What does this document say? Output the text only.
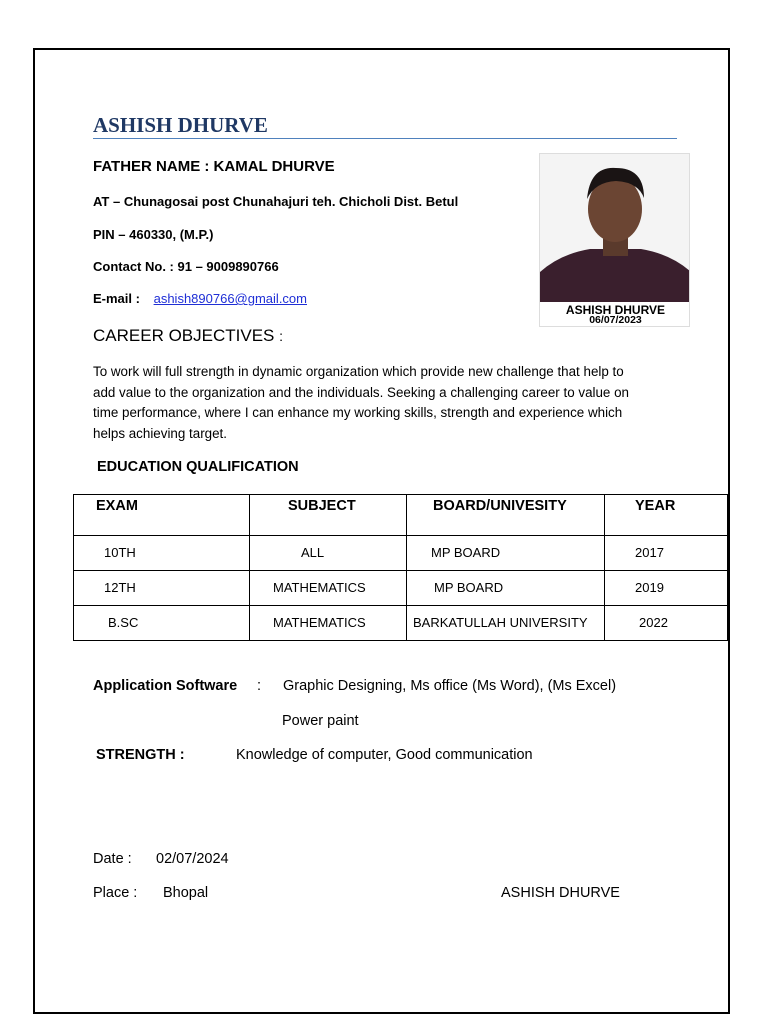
ASHISH DHURVE
FATHER NAME : KAMAL DHURVE
AT – Chunagosai post Chunahajuri teh. Chicholi Dist. Betul
PIN – 460330, (M.P.)
Contact No. : 91 – 9009890766
E-mail : ashish890766@gmail.com
ASHISH DHURVE
06/07/2023
CAREER OBJECTIVES :
To work will full strength in dynamic organization which provide new challenge that help to
add value to the organization and the individuals. Seeking a challenging career to value on
time performance, where I can enhance my working skills, strength and experience which
helps achieving target.
EDUCATION QUALIFICATION
EXAM	SUBJECT	BOARD/UNIVESITY	YEAR

10TH	ALL	MP BOARD	2017

12TH	MATHEMATICS	MP BOARD	2019

B.SC	MATHEMATICS	BARKATULLAH UNIVERSITY	2022
Application Software : Graphic Designing, Ms office (Ms Word), (Ms Excel)
Power paint
STRENGTH :	Knowledge of computer, Good communication
Date : 02/07/2024
Place : Bhopal	ASHISH DHURVE
